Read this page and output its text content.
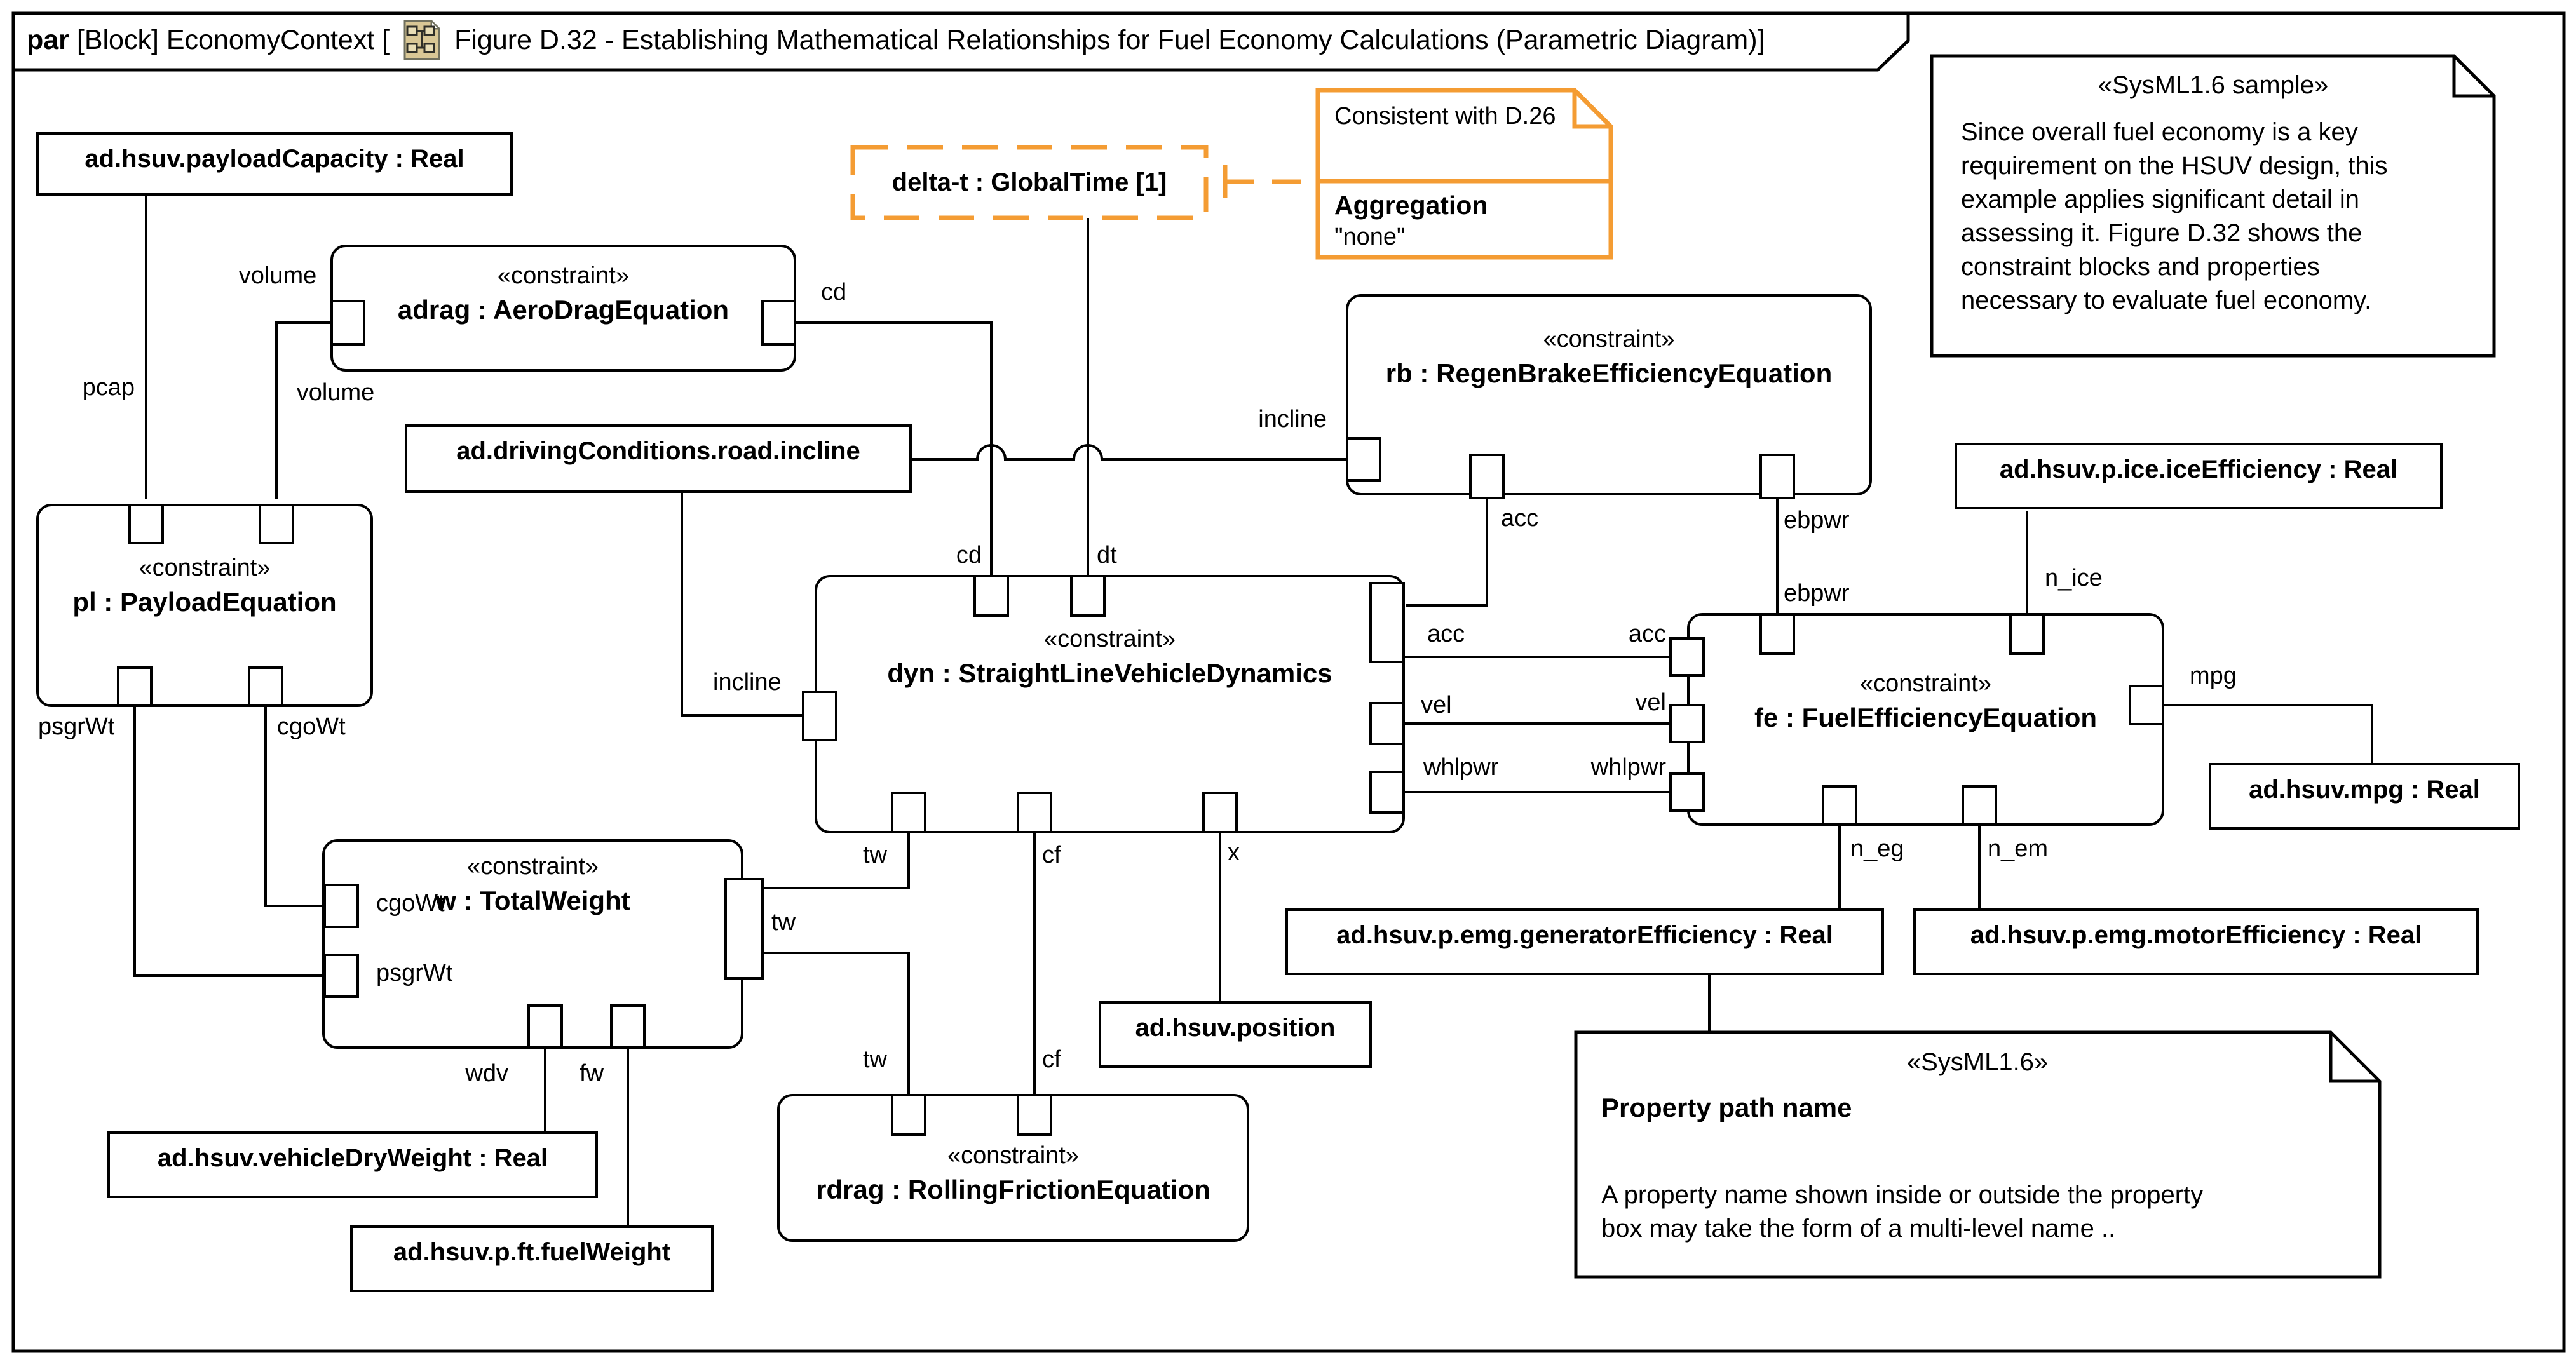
par [Block] EconomyContext [ Figure D.32 - Establishing Mathematical Relationships for Fuel Economy Calculations (Parametric Diagram)]
ad.hsuv.payloadCapacity : Real
ad.drivingConditions.road.incline
ad.hsuv.p.ice.iceEfficiency : Real
ad.hsuv.mpg : Real
ad.hsuv.p.emg.generatorEfficiency : Real	ad.hsuv.p.emg.motorEfficiency : Real
ad.hsuv.vehicleDryWeight : Real
ad.hsuv.p.ft.fuelWeight
ad.hsuv.position
«constraint»
adrag : AeroDragEquation
«constraint»
pl : PayloadEquation
«constraint»
dyn : StraightLineVehicleDynamics
«constraint»
rb : RegenBrakeEfficiencyEquation
«constraint»
fe : FuelEfficiencyEquation
«constraint»
w : TotalWeight
«constraint»
rdrag : RollingFrictionEquation
delta-t : GlobalTime [1]
Consistent with D.26
Aggregation
"none"
«SysML1.6 sample»
Since overall fuel economy is a key
requirement on the HSUV design, this
example applies significant detail in
assessing it. Figure D.32 shows the
constraint blocks and properties
necessary to evaluate fuel economy.
«SysML1.6»
Property path name
A property name shown inside or outside the property
box may take the form of a multi-level name ..
pcap
volume
volume
cd
cd	dt
incline
incline
acc	ebpwr
ebpwr
acc	acc
vel	vel
whlpwr	whlpwr
n_ice
mpg
n_eg	n_em
tw	cf	x
tw
tw	cf
wdv	fw
psgrWt	cgoWt
cgoWt
psgrWt
